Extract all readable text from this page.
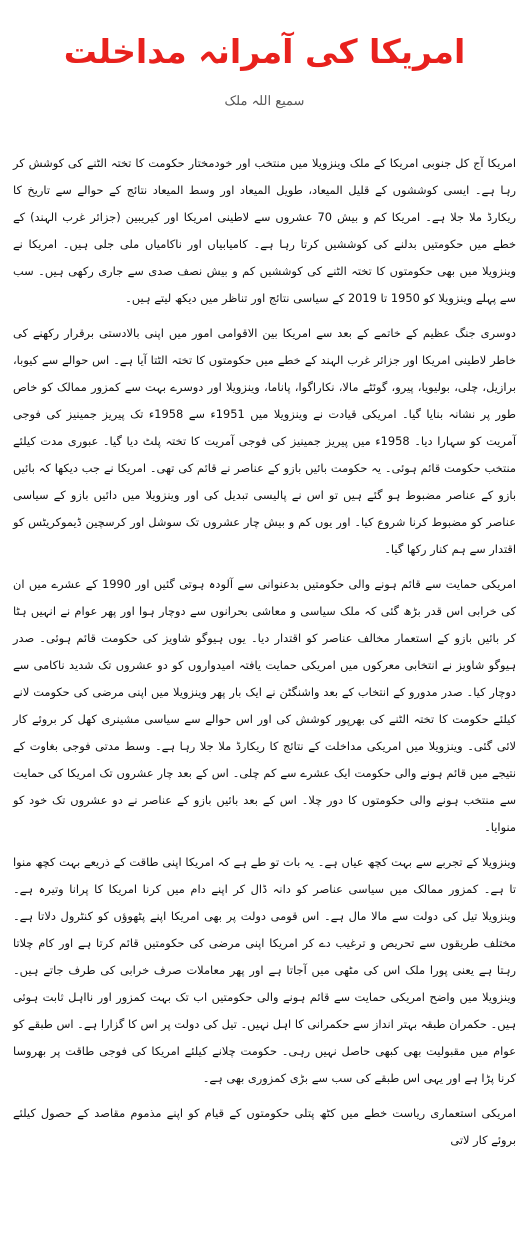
امریکا کی آمرانہ مداخلت
سمیع اللہ ملک

امریکا آج کل جنوبی امریکا کے ملک وینزویلا میں منتخب اور خودمختار حکومت کا تختہ الٹنے کی کوشش کر رہا ہے۔ ایسی کوششوں کے قلیل المیعاد، طویل المیعاد اور وسط المیعاد نتائج کے حوالے سے تاریخ کا ریکارڈ ملا جلا ہے۔ امریکا کم و بیش 70 عشروں سے لاطینی امریکا اور کیریبین (جزائر غرب الہند) کے خطے میں حکومتیں بدلنے کی کوششیں کرتا رہا ہے۔ کامیابیاں اور ناکامیاں ملی جلی ہیں۔ امریکا نے وینزویلا میں بھی حکومتوں کا تختہ الٹنے کی کوششیں کم و بیش نصف صدی سے جاری رکھی ہیں۔ سب سے پہلے وینزویلا کو 1950 تا 2019 کے سیاسی نتائج اور تناظر میں دیکھ لیتے ہیں۔

دوسری جنگ عظیم کے خاتمے کے بعد سے امریکا بین الاقوامی امور میں اپنی بالادستی برقرار رکھنے کی خاطر لاطینی امریکا اور جزائر غرب الہند کے خطے میں حکومتوں کا تختہ الٹتا آیا ہے۔ اس حوالے سے کیوبا، برازیل، چلی، بولیویا، پیرو، گوئٹے مالا، نکاراگوا، پاناما، وینزویلا اور دوسرے بہت سے کمزور ممالک کو خاص طور پر نشانہ بنایا گیا۔ امریکی قیادت نے وینزویلا میں 1951ء سے 1958ء تک پیریز جمینیز کی فوجی آمریت کو سہارا دیا۔ 1958ء میں پیریز جمینیز کی فوجی آمریت کا تختہ پلٹ دیا گیا۔ عبوری مدت کیلئے منتخب حکومت قائم ہوئی۔ یہ حکومت بائیں بازو کے عناصر نے قائم کی تھی۔ امریکا نے جب دیکھا کہ بائیں بازو کے عناصر مضبوط ہو گئے ہیں تو اس نے پالیسی تبدیل کی اور وینزویلا میں دائیں بازو کے سیاسی عناصر کو مضبوط کرنا شروع کیا۔ اور یوں کم و بیش چار عشروں تک سوشل اور کرسچین ڈیموکریٹس کو اقتدار سے ہم کنار رکھا گیا۔

امریکی حمایت سے قائم ہونے والی حکومتیں بدعنوانی سے آلودہ ہوتی گئیں اور 1990 کے عشرے میں ان کی خرابی اس قدر بڑھ گئی کہ ملک سیاسی و معاشی بحرانوں سے دوچار ہوا اور پھر عوام نے انہیں ہٹا کر بائیں بازو کے استعمار مخالف عناصر کو اقتدار دیا۔ یوں ہیوگو شاویز کی حکومت قائم ہوئی۔ صدر ہیوگو شاویز نے انتخابی معرکوں میں امریکی حمایت یافتہ امیدواروں کو دو عشروں تک شدید ناکامی سے دوچار کیا۔ صدر مدورو کے انتخاب کے بعد واشنگٹن نے ایک بار پھر وینزویلا میں اپنی مرضی کی حکومت لانے کیلئے حکومت کا تختہ الٹنے کی بھرپور کوشش کی اور اس حوالے سے سیاسی مشینری کھل کر بروئے کار لائی گئی۔ وینزویلا میں امریکی مداخلت کے نتائج کا ریکارڈ ملا جلا رہا ہے۔ وسط مدتی فوجی بغاوت کے نتیجے میں قائم ہونے والی حکومت ایک عشرے سے کم چلی۔ اس کے بعد چار عشروں تک امریکا کی حمایت سے منتخب ہونے والی حکومتوں کا دور چلا۔ اس کے بعد بائیں بازو کے عناصر نے دو عشروں تک خود کو منوایا۔

وینزویلا کے تجربے سے بہت کچھ عیاں ہے۔ یہ بات تو طے ہے کہ امریکا اپنی طاقت کے ذریعے بہت کچھ منوا تا ہے۔ کمزور ممالک میں سیاسی عناصر کو دانہ ڈال کر اپنے دام میں کرنا امریکا کا پرانا وتیرہ ہے۔ وینزویلا تیل کی دولت سے مالا مال ہے۔ اس قومی دولت پر بھی امریکا اپنے پٹھوؤں کو کنٹرول دلاتا ہے۔ مختلف طریقوں سے تحریص و ترغیب دے کر امریکا اپنی مرضی کی حکومتیں قائم کرتا ہے اور کام چلاتا رہتا ہے یعنی پورا ملک اس کی مٹھی میں آجاتا ہے اور پھر معاملات صرف خرابی کی طرف جاتے ہیں۔ وینزویلا میں واضح امریکی حمایت سے قائم ہونے والی حکومتیں اب تک بہت کمزور اور نااہل ثابت ہوئی ہیں۔ حکمران طبقہ بہتر انداز سے حکمرانی کا اہل نہیں۔ تیل کی دولت پر اس کا گزارا ہے۔ اس طبقے کو عوام میں مقبولیت بھی کبھی حاصل نہیں رہی۔ حکومت چلانے کیلئے امریکا کی فوجی طاقت پر بھروسا کرنا پڑا ہے اور یہی اس طبقے کی سب سے بڑی کمزوری بھی ہے۔

امریکی استعماری ریاست خطے میں کٹھ پتلی حکومتوں کے قیام کو اپنے مذموم مقاصد کے حصول کیلئے بروئے کار لاتی
